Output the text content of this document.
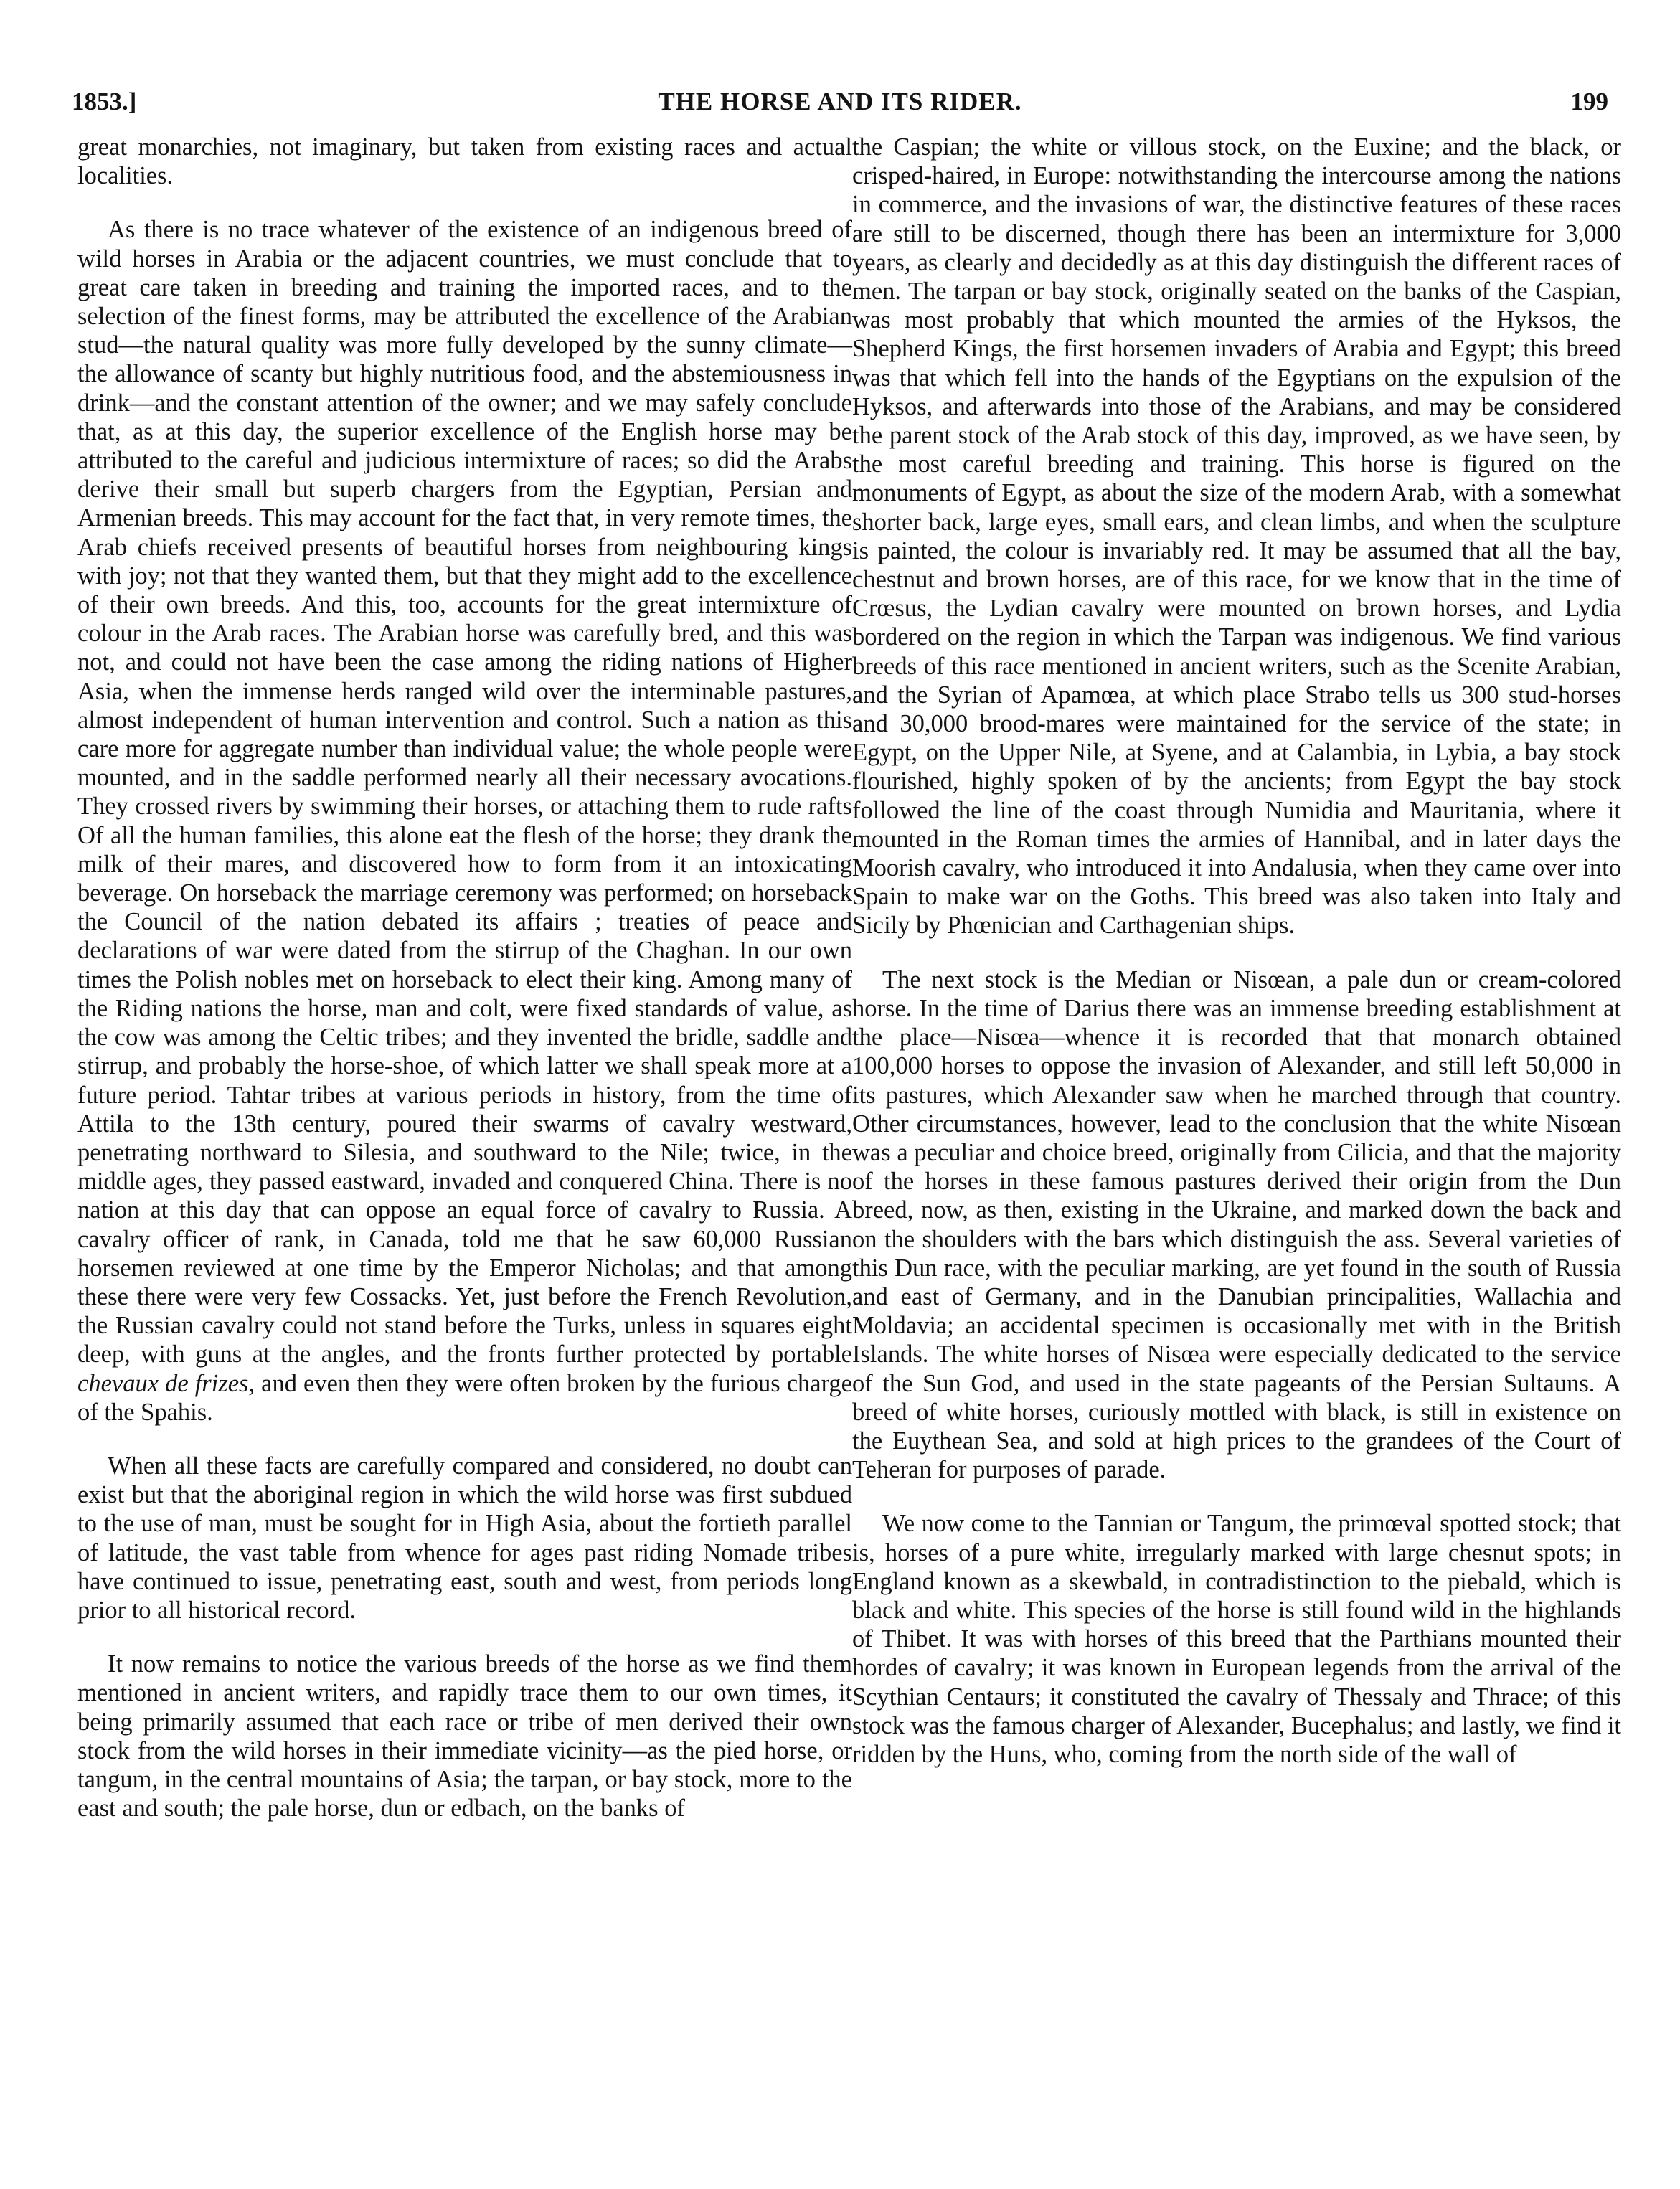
1853.]	THE HORSE AND ITS RIDER.	199

great monarchies, not imaginary, but taken from existing races and actual localities.

As there is no trace whatever of the existence of an indigenous breed of wild horses in Arabia or the adjacent countries, we must conclude that to great care taken in breeding and training the imported races, and to the selection of the finest forms, may be attributed the excellence of the Arabian stud—the natural quality was more fully developed by the sunny climate—the allowance of scanty but highly nutritious food, and the abstemiousness in drink—and the constant attention of the owner; and we may safely conclude that, as at this day, the superior excellence of the English horse may be attributed to the careful and judicious intermixture of races; so did the Arabs derive their small but superb chargers from the Egyptian, Persian and Armenian breeds. This may account for the fact that, in very remote times, the Arab chiefs received presents of beautiful horses from neighbouring kings with joy; not that they wanted them, but that they might add to the excellence of their own breeds. And this, too, accounts for the great intermixture of colour in the Arab races. The Arabian horse was carefully bred, and this was not, and could not have been the case among the riding nations of Higher Asia, when the immense herds ranged wild over the interminable pastures, almost independent of human intervention and control. Such a nation as this care more for aggregate number than individual value; the whole people were mounted, and in the saddle performed nearly all their necessary avocations. They crossed rivers by swimming their horses, or attaching them to rude rafts Of all the human families, this alone eat the flesh of the horse; they drank the milk of their mares, and discovered how to form from it an intoxicating beverage. On horseback the marriage ceremony was performed; on horseback the Council of the nation debated its affairs ; treaties of peace and declarations of war were dated from the stirrup of the Chaghan. In our own times the Polish nobles met on horseback to elect their king. Among many of the Riding nations the horse, man and colt, were fixed standards of value, as the cow was among the Celtic tribes; and they invented the bridle, saddle and stirrup, and probably the horse-shoe, of which latter we shall speak more at a future period. Tahtar tribes at various periods in history, from the time of Attila to the 13th century, poured their swarms of cavalry westward, penetrating northward to Silesia, and southward to the Nile; twice, in the middle ages, they passed eastward, invaded and conquered China. There is no nation at this day that can oppose an equal force of cavalry to Russia. A cavalry officer of rank, in Canada, told me that he saw 60,000 Russian horsemen reviewed at one time by the Emperor Nicholas; and that among these there were very few Cossacks. Yet, just before the French Revolution, the Russian cavalry could not stand before the Turks, unless in squares eight deep, with guns at the angles, and the fronts further protected by portable chevaux de frizes, and even then they were often broken by the furious charge of the Spahis.

When all these facts are carefully compared and considered, no doubt can exist but that the aboriginal region in which the wild horse was first subdued to the use of man, must be sought for in High Asia, about the fortieth parallel of latitude, the vast table from whence for ages past riding Nomade tribes have continued to issue, penetrating east, south and west, from periods long prior to all historical record.

It now remains to notice the various breeds of the horse as we find them mentioned in ancient writers, and rapidly trace them to our own times, it being primarily assumed that each race or tribe of men derived their own stock from the wild horses in their immediate vicinity—as the pied horse, or tangum, in the central mountains of Asia; the tarpan, or bay stock, more to the east and south; the pale horse, dun or edbach, on the banks of

the Caspian; the white or villous stock, on the Euxine; and the black, or crisped-haired, in Europe: notwithstanding the intercourse among the nations in commerce, and the invasions of war, the distinctive features of these races are still to be discerned, though there has been an intermixture for 3,000 years, as clearly and decidedly as at this day distinguish the different races of men. The tarpan or bay stock, originally seated on the banks of the Caspian, was most probably that which mounted the armies of the Hyksos, the Shepherd Kings, the first horsemen invaders of Arabia and Egypt; this breed was that which fell into the hands of the Egyptians on the expulsion of the Hyksos, and afterwards into those of the Arabians, and may be considered the parent stock of the Arab stock of this day, improved, as we have seen, by the most careful breeding and training. This horse is figured on the monuments of Egypt, as about the size of the modern Arab, with a somewhat shorter back, large eyes, small ears, and clean limbs, and when the sculpture is painted, the colour is invariably red. It may be assumed that all the bay, chestnut and brown horses, are of this race, for we know that in the time of Crœsus, the Lydian cavalry were mounted on brown horses, and Lydia bordered on the region in which the Tarpan was indigenous. We find various breeds of this race mentioned in ancient writers, such as the Scenite Arabian, and the Syrian of Apamœa, at which place Strabo tells us 300 stud-horses and 30,000 brood-mares were maintained for the service of the state; in Egypt, on the Upper Nile, at Syene, and at Calambia, in Lybia, a bay stock flourished, highly spoken of by the ancients; from Egypt the bay stock followed the line of the coast through Numidia and Mauritania, where it mounted in the Roman times the armies of Hannibal, and in later days the Moorish cavalry, who introduced it into Andalusia, when they came over into Spain to make war on the Goths. This breed was also taken into Italy and Sicily by Phœnician and Carthagenian ships.

The next stock is the Median or Nisœan, a pale dun or cream-colored horse. In the time of Darius there was an immense breeding establishment at the place—Nisœa—whence it is recorded that that monarch obtained 100,000 horses to oppose the invasion of Alexander, and still left 50,000 in its pastures, which Alexander saw when he marched through that country. Other circumstances, however, lead to the conclusion that the white Nisœan was a peculiar and choice breed, originally from Cilicia, and that the majority of the horses in these famous pastures derived their origin from the Dun breed, now, as then, existing in the Ukraine, and marked down the back and on the shoulders with the bars which distinguish the ass. Several varieties of this Dun race, with the peculiar marking, are yet found in the south of Russia and east of Germany, and in the Danubian principalities, Wallachia and Moldavia; an accidental specimen is occasionally met with in the British Islands. The white horses of Nisœa were especially dedicated to the service of the Sun God, and used in the state pageants of the Persian Sultauns. A breed of white horses, curiously mottled with black, is still in existence on the Euythean Sea, and sold at high prices to the grandees of the Court of Teheran for purposes of parade.

We now come to the Tannian or Tangum, the primœval spotted stock; that is, horses of a pure white, irregularly marked with large chesnut spots; in England known as a skewbald, in contradistinction to the piebald, which is black and white. This species of the horse is still found wild in the highlands of Thibet. It was with horses of this breed that the Parthians mounted their hordes of cavalry; it was known in European legends from the arrival of the Scythian Centaurs; it constituted the cavalry of Thessaly and Thrace; of this stock was the famous charger of Alexander, Bucephalus; and lastly, we find it ridden by the Huns, who, coming from the north side of the wall of
